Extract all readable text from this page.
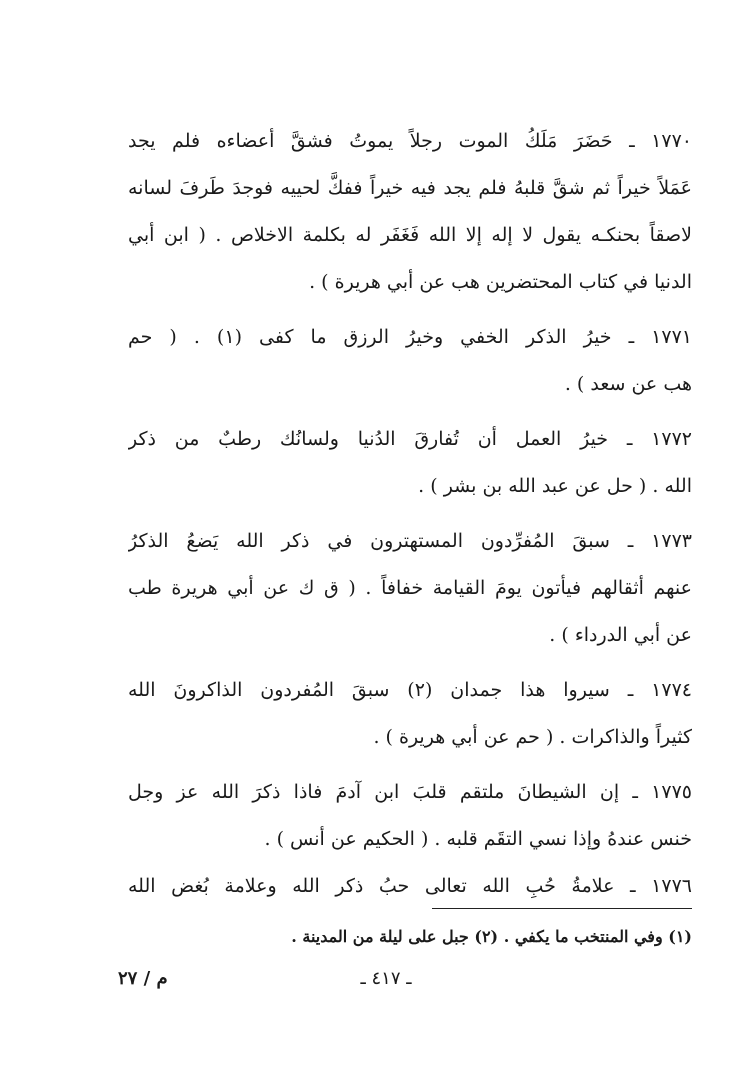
١٧٧٠ ـ حَضَرَ مَلَكُ الموت رجلاً يموتُ فشقَّ أعضاءه فلم يجد
عَمَلاً خيراً ثم شقَّ قلبهُ فلم يجد فيه خيراً ففكَّ لحييه فوجدَ طَرفَ لسانه
لاصقاً بحنكـه يقول لا إله إلا الله فَغَفَر له بكلمة الاخلاص . ( ابن أبي
الدنيا في كتاب المحتضرين هب عن أبي هريرة ) .
١٧٧١ ـ خيرُ الذكر الخفي وخيرُ الرزق ما كفى (١) . ( حم
هب عن سعد ) .
١٧٧٢ ـ خيرُ العمل أن تُفارقَ الدُنيا ولسانُك رطبٌ من ذكر
الله . ( حل عن عبد الله بن بشر ) .
١٧٧٣ ـ سبقَ المُفرِّدون المستهترون في ذكر الله يَضعُ الذكرُ
عنهم أثقالهم فيأتون يومَ القيامة خفافاً . ( ق ك عن أبي هريرة طب
عن أبي الدرداء ) .
١٧٧٤ ـ سيروا هذا جمدان (٢) سبقَ المُفردون الذاكرونَ الله
كثيراً والذاكرات . ( حم عن أبي هريرة ) .
١٧٧٥ ـ إن الشيطانَ ملتقم قلبَ ابن آدمَ فاذا ذكرَ الله عز وجل
خنس عندهُ وإذا نسي التقَم قلبه . ( الحكيم عن أنس ) .
١٧٧٦ ـ علامةُ حُبِ الله تعالى حبُ ذكر الله وعلامة بُغض الله
(١) وفي المنتخب ما يكفي . (٢) جبل على ليلة من المدينة .
ـ ٤١٧ ـ
م / ٢٧
